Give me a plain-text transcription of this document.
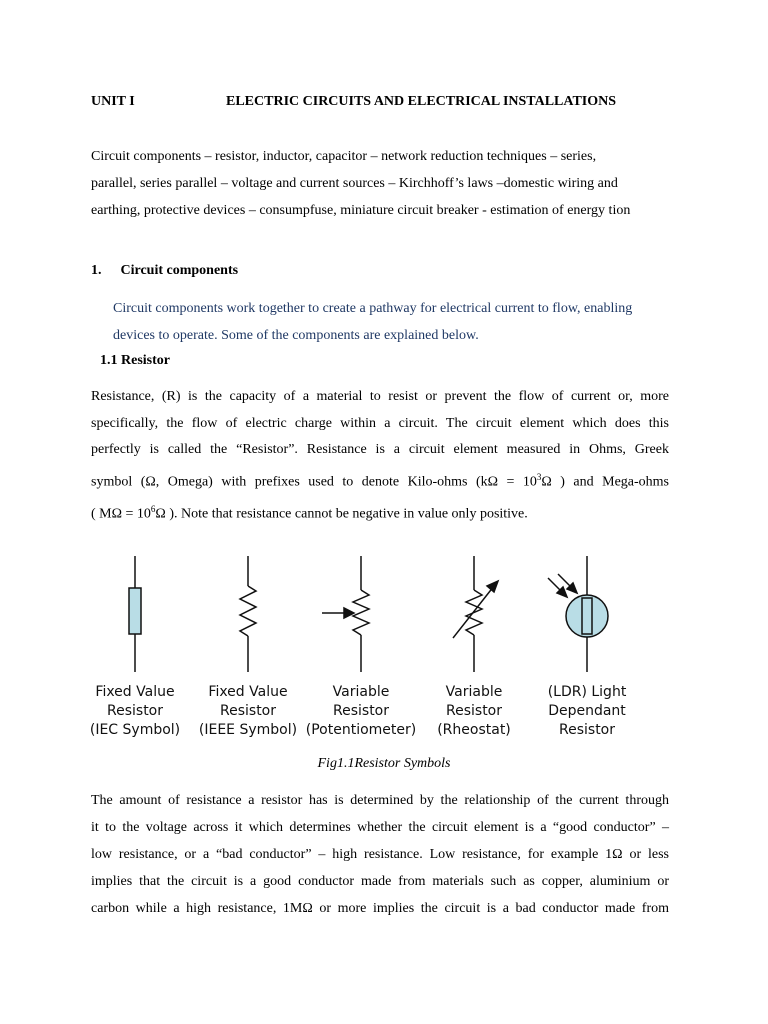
UNIT I	ELECTRIC CIRCUITS AND ELECTRICAL INSTALLATIONS

Circuit components – resistor, inductor, capacitor – network reduction techniques – series,

parallel, series parallel – voltage and current sources – Kirchhoff’s laws –domestic wiring and

earthing, protective devices – consumpfuse, miniature circuit breaker - estimation of energy tion

1. Circuit components

Circuit components work together to create a pathway for electrical current to flow, enabling

devices to operate. Some of the components are explained below.

1.1 Resistor

Resistance, (R) is the capacity of a material to resist or prevent the flow of current or, more

specifically, the flow of electric charge within a circuit. The circuit element which does this

perfectly is called the “Resistor”. Resistance is a circuit element measured in Ohms, Greek

symbol (Ω, Omega) with prefixes used to denote Kilo-ohms ($k\Omega = 10^3\Omega$ ) and Mega-ohms

( $M\Omega = 10^6\Omega$ ). Note that resistance cannot be negative in value only positive.

Fixed Value
Resistor
(IEC Symbol)
Fixed Value
Resistor
(IEEE Symbol)
Variable
Resistor
(Potentiometer)
Variable
Resistor
(Rheostat)
(LDR) Light
Dependant
Resistor
Fig1.1Resistor Symbols

The amount of resistance a resistor has is determined by the relationship of the current through

it to the voltage across it which determines whether the circuit element is a “good conductor” –

low resistance, or a “bad conductor” – high resistance. Low resistance, for example 1Ω or less

implies that the circuit is a good conductor made from materials such as copper, aluminium or

carbon while a high resistance, 1MΩ or more implies the circuit is a bad conductor made from
